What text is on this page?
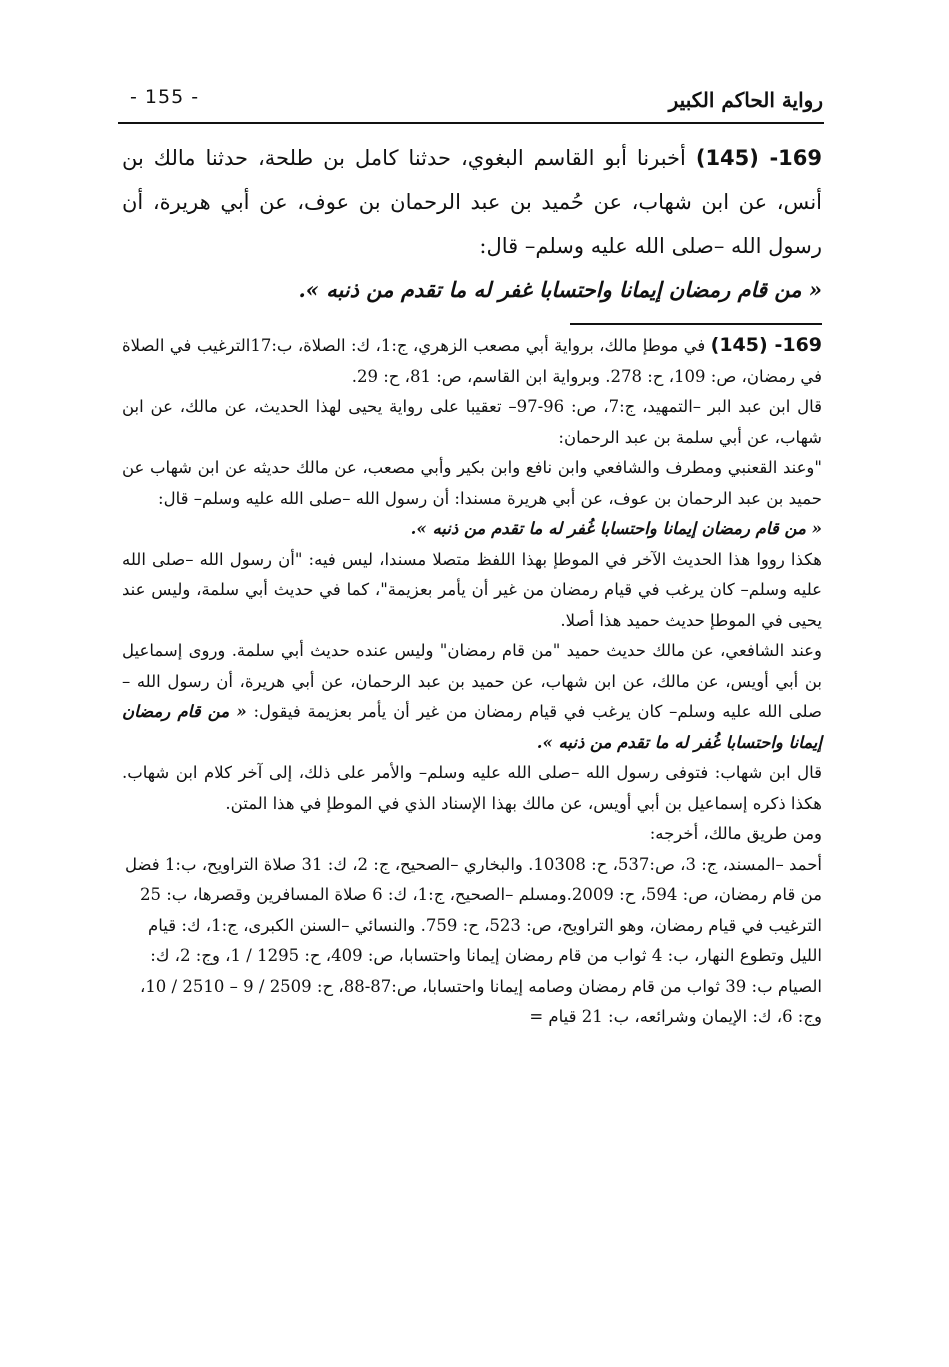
رواية الحاكم الكبير
- 155 -

169- (145) أخبرنا أبو القاسم البغوي، حدثنا كامل بن طلحة، حدثنا مالك بن أنس، عن ابن شهاب، عن حُميد بن عبد الرحمان بن عوف، عن أبي هريرة، أن رسول الله –صلى الله عليه وسلم– قال:

« من قام رمضان إيمانا واحتسابا غفر له ما تقدم من ذنبه ».

169- (145) في موطإ مالك، برواية أبي مصعب الزهري، ج:1، ك: الصلاة، ب:17الترغيب في الصلاة في رمضان، ص: 109، ح: 278. وبرواية ابن القاسم، ص: 81، ح: 29.

قال ابن عبد البر –التمهيد، ج:7، ص: 96-97– تعقيبا على رواية يحيى لهذا الحديث، عن مالك، عن ابن شهاب، عن أبي سلمة بن عبد الرحمان:

"وعند القعنبي ومطرف والشافعي وابن نافع وابن بكير وأبي مصعب، عن مالك حديثه عن ابن شهاب عن حميد بن عبد الرحمان بن عوف، عن أبي هريرة مسندا: أن رسول الله –صلى الله عليه وسلم– قال:

« من قام رمضان إيمانا واحتسابا غُفر له ما تقدم من ذنبه ».

هكذا رووا هذا الحديث الآخر في الموطإ بهذا اللفظ متصلا مسندا، ليس فيه: "أن رسول الله –صلى الله عليه وسلم– كان يرغب في قيام رمضان من غير أن يأمر بعزيمة"، كما في حديث أبي سلمة، وليس عند يحيى في الموطإ حديث حميد هذا أصلا.

وعند الشافعي، عن مالك حديث حميد "من قام رمضان" وليس عنده حديث أبي سلمة. وروى إسماعيل بن أبي أويس، عن مالك، عن ابن شهاب، عن حميد بن عبد الرحمان، عن أبي هريرة، أن رسول الله –صلى الله عليه وسلم– كان يرغب في قيام رمضان من غير أن يأمر بعزيمة فيقول: « من قام رمضان إيمانا واحتسابا غُفر له ما تقدم من ذنبه ».

قال ابن شهاب: فتوفى رسول الله –صلى الله عليه وسلم– والأمر على ذلك، إلى آخر كلام ابن شهاب. هكذا ذكره إسماعيل بن أبي أويس، عن مالك بهذا الإسناد الذي في الموطإ في هذا المتن.

ومن طريق مالك، أخرجه:

أحمد –المسند، ج: 3، ص:537، ح: 10308. والبخاري –الصحيح، ج: 2، ك: 31 صلاة التراويح، ب:1 فضل من قام رمضان، ص: 594، ح: 2009.ومسلم –الصحيح، ج:1، ك: 6 صلاة المسافرين وقصرها، ب: 25 الترغيب في قيام رمضان، وهو التراويح، ص: 523، ح: 759. والنسائي –السنن الكبرى، ج:1، ك: قيام الليل وتطوع النهار، ب: 4 ثواب من قام رمضان إيمانا واحتسابا، ص: 409، ح: 1295 / 1، وج: 2، ك: الصيام ب: 39 ثواب من قام رمضان وصامه إيمانا واحتسابا، ص:87-88، ح: 2509 / 9 – 2510 / 10، وج: 6، ك: الإيمان وشرائعه، ب: 21 قيام =
